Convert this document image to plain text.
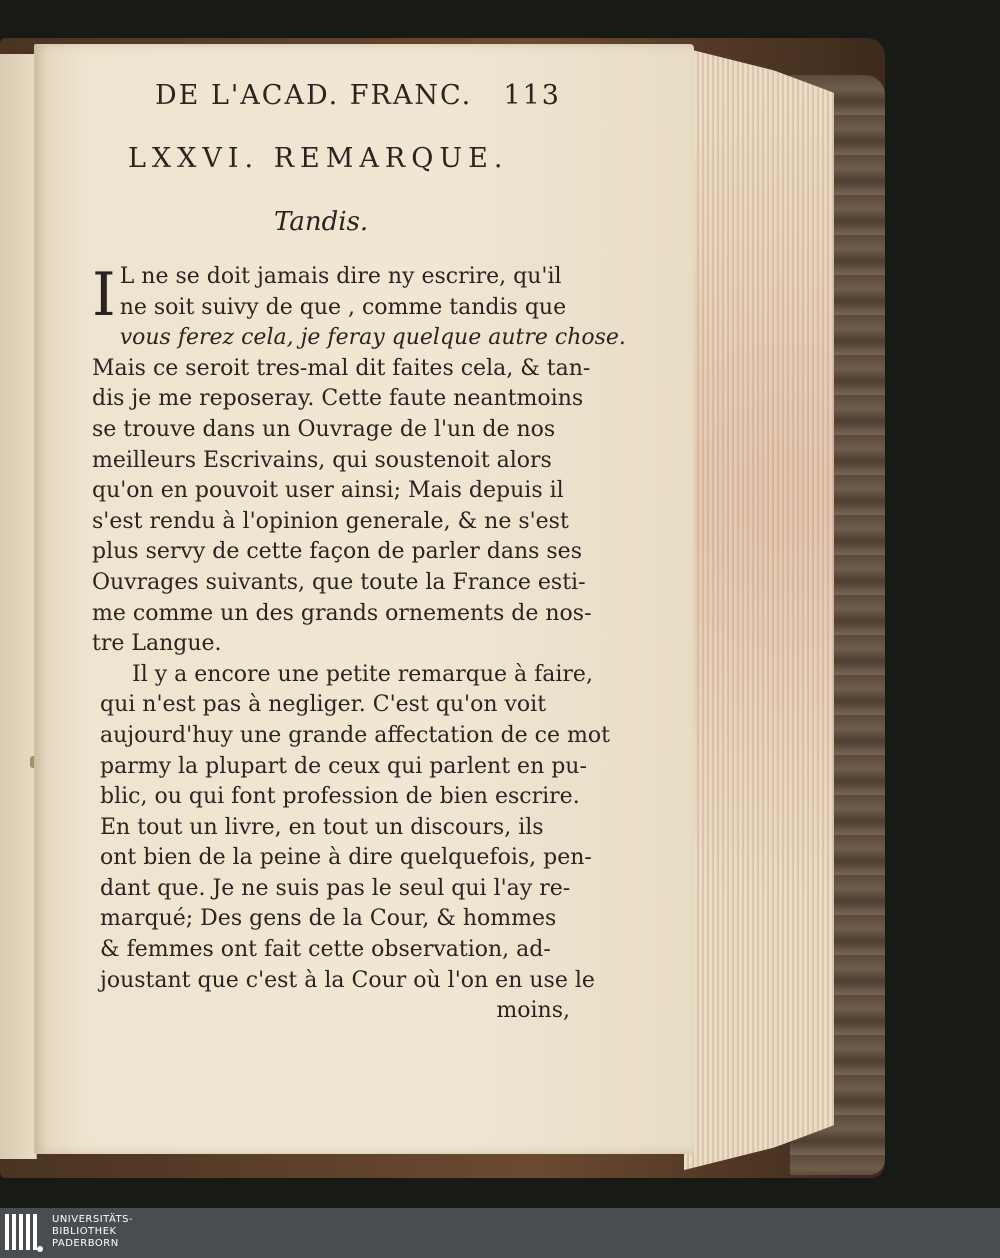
DE L'ACAD. FRANC. 113
LXXVI. REMARQUE.
Tandis.
I L ne se doit jamais dire ny escrire, qu'il
ne soit suivy de que , comme tandis que
vous ferez cela, je feray quelque autre chose.
Mais ce seroit tres-mal dit faites cela, & tan-
dis je me reposeray. Cette faute neantmoins
se trouve dans un Ouvrage de l'un de nos
meilleurs Escrivains, qui soustenoit alors
qu'on en pouvoit user ainsi; Mais depuis il
s'est rendu à l'opinion generale, & ne s'est
plus servy de cette façon de parler dans ses
Ouvrages suivants, que toute la France esti-
me comme un des grands ornements de nos-
tre Langue.
Il y a encore une petite remarque à faire,
qui n'est pas à negliger. C'est qu'on voit
aujourd'huy une grande affectation de ce mot
parmy la plupart de ceux qui parlent en pu-
blic, ou qui font profession de bien escrire.
En tout un livre, en tout un discours, ils
ont bien de la peine à dire quelquefois, pen-
dant que. Je ne suis pas le seul qui l'ay re-
marqué; Des gens de la Cour, & hommes
& femmes ont fait cette observation, ad-
joustant que c'est à la Cour où l'on en use le
moins,
UNIVERSITÄTS-
BIBLIOTHEK
PADERBORN
